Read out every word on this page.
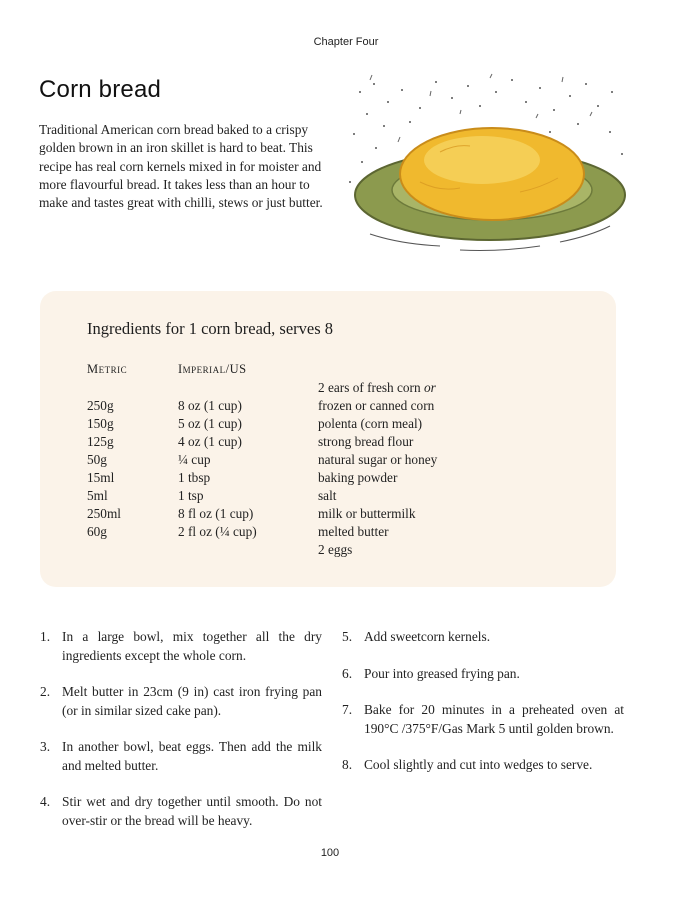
Chapter Four
Corn bread
Traditional American corn bread baked to a crispy golden brown in an iron skillet is hard to beat. This recipe has real corn kernels mixed in for moister and more flavourful bread. It takes less than an hour to make and tastes great with chilli, stews or just butter.
Ingredients for 1 corn bread, serves 8
Metric	Imperial/US
250g
150g
125g
50g
15ml
5ml
250ml
60g
8 oz (1 cup)
5 oz (1 cup)
4 oz (1 cup)
¼ cup
1 tbsp
1 tsp
8 fl oz (1 cup)
2 fl oz (¼ cup)
2 ears of fresh corn or
frozen or canned corn
polenta (corn meal)
strong bread flour
natural sugar or honey
baking powder
salt
milk or buttermilk
melted butter
2 eggs
1. In a large bowl, mix together all the dry ingredients except the whole corn.
2. Melt butter in 23cm (9 in) cast iron frying pan (or in similar sized cake pan).
3. In another bowl, beat eggs. Then add the milk and melted butter.
4. Stir wet and dry together until smooth. Do not over-stir or the bread will be heavy.
5. Add sweetcorn kernels.
6. Pour into greased frying pan.
7. Bake for 20 minutes in a preheated oven at 190°C /375°F/Gas Mark 5 until golden brown.
8. Cool slightly and cut into wedges to serve.
100
